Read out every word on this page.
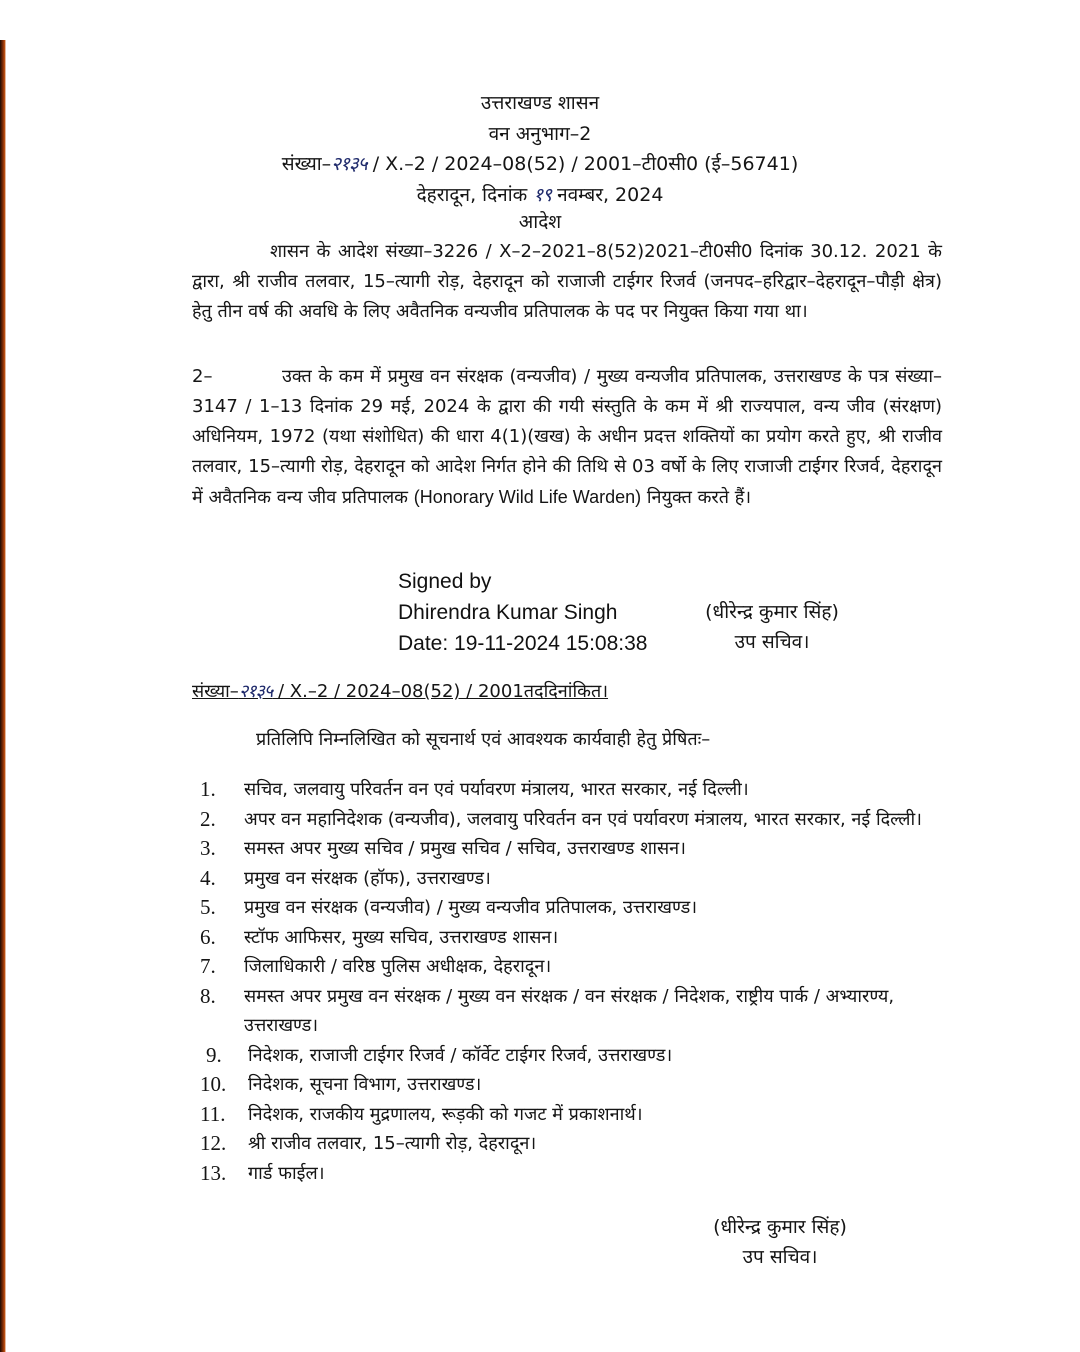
उत्तराखण्ड शासन
वन अनुभाग–2
संख्या–२१३५ / X.–2 / 2024–08(52) / 2001–टी0सी0 (ई–56741)
देहरादून, दिनांक १९ नवम्बर, 2024
आदेश
शासन के आदेश संख्या–3226 / X–2–2021–8(52)2021–टी0सी0 दिनांक 30.12. 2021 के द्वारा, श्री राजीव तलवार, 15–त्यागी रोड़, देहरादून को राजाजी टाईगर रिजर्व (जनपद–हरिद्वार–देहरादून–पौड़ी क्षेत्र) हेतु तीन वर्ष की अवधि के लिए अवैतनिक वन्यजीव प्रतिपालक के पद पर नियुक्त किया गया था।
2–	उक्त के कम में प्रमुख वन संरक्षक (वन्यजीव) / मुख्य वन्यजीव प्रतिपालक, उत्तराखण्ड के पत्र संख्या–3147 / 1–13 दिनांक 29 मई, 2024 के द्वारा की गयी संस्तुति के कम में श्री राज्यपाल, वन्य जीव (संरक्षण) अधिनियम, 1972 (यथा संशोधित) की धारा 4(1)(खख) के अधीन प्रदत्त शक्तियों का प्रयोग करते हुए, श्री राजीव तलवार, 15–त्यागी रोड़, देहरादून को आदेश निर्गत होने की तिथि से 03 वर्षो के लिए राजाजी टाईगर रिजर्व, देहरादून में अवैतनिक वन्य जीव प्रतिपालक (Honorary Wild Life Warden) नियुक्त करते हैं।
Signed by
Dhirendra Kumar Singh
Date: 19-11-2024 15:08:38
(धीरेन्द्र कुमार सिंह)
उप सचिव।
संख्या–२१३५ / X.–2 / 2024–08(52) / 2001तददिनांकित।
प्रतिलिपि निम्नलिखित को सूचनार्थ एवं आवश्यक कार्यवाही हेतु प्रेषितः–
1. सचिव, जलवायु परिवर्तन वन एवं पर्यावरण मंत्रालय, भारत सरकार, नई दिल्ली।
2. अपर वन महानिदेशक (वन्यजीव), जलवायु परिवर्तन वन एवं पर्यावरण मंत्रालय, भारत सरकार, नई दिल्ली।
3. समस्त अपर मुख्य सचिव / प्रमुख सचिव / सचिव, उत्तराखण्ड शासन।
4. प्रमुख वन संरक्षक (हॉफ), उत्तराखण्ड।
5. प्रमुख वन संरक्षक (वन्यजीव) / मुख्य वन्यजीव प्रतिपालक, उत्तराखण्ड।
6. स्टॉफ आफिसर, मुख्य सचिव, उत्तराखण्ड शासन।
7. जिलाधिकारी / वरिष्ठ पुलिस अधीक्षक, देहरादून।
8. समस्त अपर प्रमुख वन संरक्षक / मुख्य वन संरक्षक / वन संरक्षक / निदेशक, राष्ट्रीय पार्क / अभ्यारण्य, उत्तराखण्ड।
9. निदेशक, राजाजी टाईगर रिजर्व / कॉर्वेट टाईगर रिजर्व, उत्तराखण्ड।
10. निदेशक, सूचना विभाग, उत्तराखण्ड।
11. निदेशक, राजकीय मुद्रणालय, रूड़की को गजट में प्रकाशनार्थ।
12. श्री राजीव तलवार, 15–त्यागी रोड़, देहरादून।
13. गार्ड फाईल।
(धीरेन्द्र कुमार सिंह)
उप सचिव।
